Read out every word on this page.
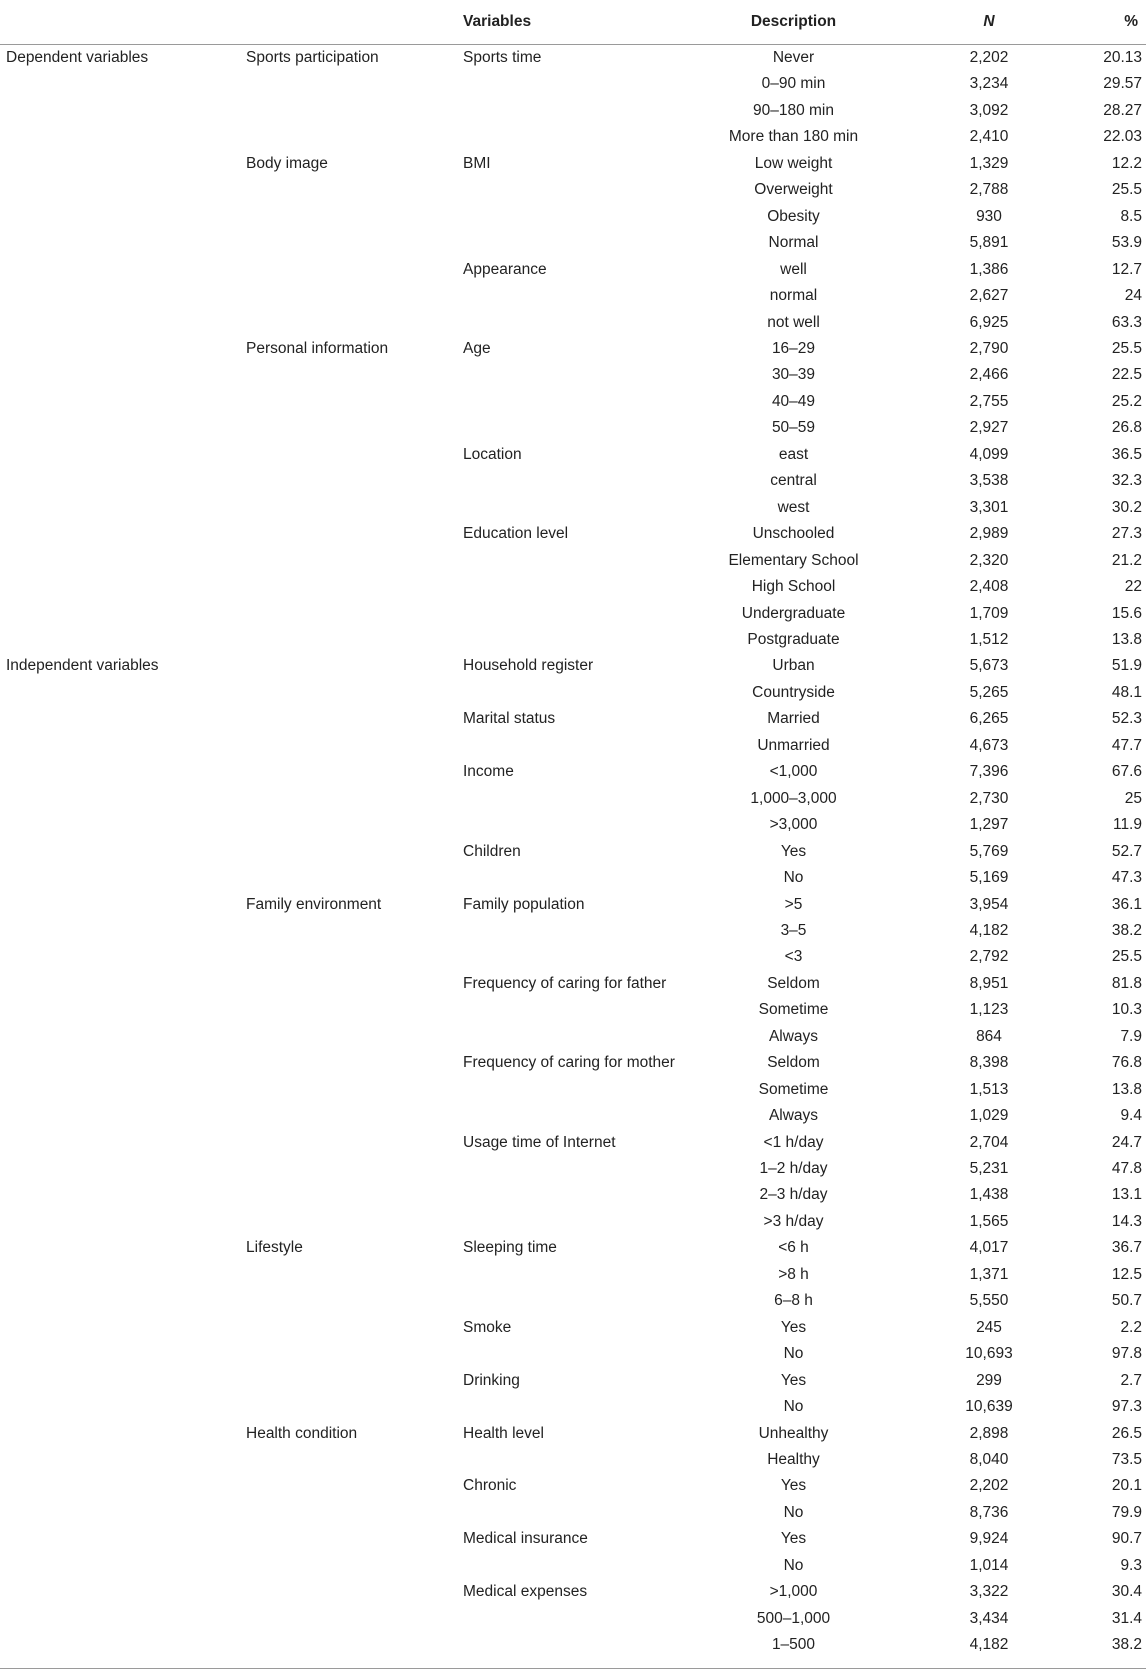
		Variables	Description	N	%
Dependent variables	Sports participation	Sports time	Never	2,202	20.13
			0–90 min	3,234	29.57
			90–180 min	3,092	28.27
			More than 180 min	2,410	22.03
	Body image	BMI	Low weight	1,329	12.2
			Overweight	2,788	25.5
			Obesity	930	8.5
			Normal	5,891	53.9
		Appearance	well	1,386	12.7
			normal	2,627	24
			not well	6,925	63.3
	Personal information	Age	16–29	2,790	25.5
			30–39	2,466	22.5
			40–49	2,755	25.2
			50–59	2,927	26.8
		Location	east	4,099	36.5
			central	3,538	32.3
			west	3,301	30.2
		Education level	Unschooled	2,989	27.3
			Elementary School	2,320	21.2
			High School	2,408	22
			Undergraduate	1,709	15.6
			Postgraduate	1,512	13.8
Independent variables		Household register	Urban	5,673	51.9
			Countryside	5,265	48.1
		Marital status	Married	6,265	52.3
			Unmarried	4,673	47.7
		Income	<1,000	7,396	67.6
			1,000–3,000	2,730	25
			>3,000	1,297	11.9
		Children	Yes	5,769	52.7
			No	5,169	47.3
	Family environment	Family population	>5	3,954	36.1
			3–5	4,182	38.2
			<3	2,792	25.5
		Frequency of caring for father	Seldom	8,951	81.8
			Sometime	1,123	10.3
			Always	864	7.9
		Frequency of caring for mother	Seldom	8,398	76.8
			Sometime	1,513	13.8
			Always	1,029	9.4
		Usage time of Internet	<1 h/day	2,704	24.7
			1–2 h/day	5,231	47.8
			2–3 h/day	1,438	13.1
			>3 h/day	1,565	14.3
	Lifestyle	Sleeping time	<6 h	4,017	36.7
			>8 h	1,371	12.5
			6–8 h	5,550	50.7
		Smoke	Yes	245	2.2
			No	10,693	97.8
		Drinking	Yes	299	2.7
			No	10,639	97.3
	Health condition	Health level	Unhealthy	2,898	26.5
			Healthy	8,040	73.5
		Chronic	Yes	2,202	20.1
			No	8,736	79.9
		Medical insurance	Yes	9,924	90.7
			No	1,014	9.3
		Medical expenses	>1,000	3,322	30.4
			500–1,000	3,434	31.4
			1–500	4,182	38.2
